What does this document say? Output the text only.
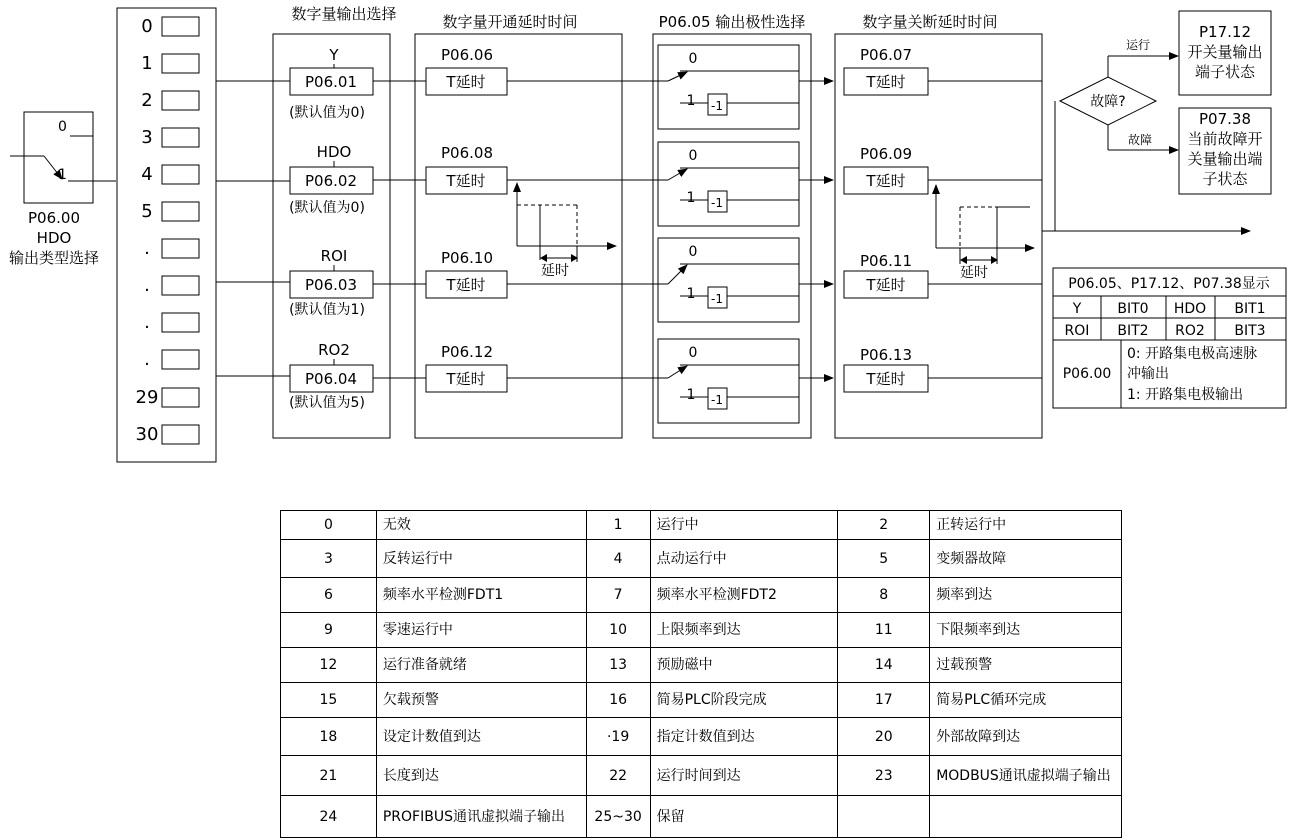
0
1
P06.00
HDO
输出类型选择
0
1
2
3
4
5
.
.
.
.
29
30
数字量输出选择	数字量开通延时时间	P06.05 输出极性选择	数字量关断延时时间
Y
P06.01
(默认值为0)
P06.06
T延时
0
1 -1
P06.07
T延时
HDO
P06.02
(默认值为0)
P06.08
T延时
0
1 -1
P06.09
T延时
ROI
P06.03
(默认值为1)
P06.10
T延时
0
1 -1
P06.11
T延时
RO2
P06.04
(默认值为5)
P06.12
T延时
0
1 -1
P06.13
T延时
延时	延时
故障?
运行
故障
P17.12
开关量输出
端子状态
P07.38
当前故障开
关量输出端
子状态
P06.05、P17.12、P07.38显示
Y	BIT0 HDO BIT1
ROI BIT2 RO2 BIT3
P06.00
0: 开路集电极高速脉
冲输出
1: 开路集电极输出
0	无效	1	运行中	2	正转运行中
3	反转运行中	4	点动运行中	5	变频器故障
6	频率水平检测FDT1	7	频率水平检测FDT2	8	频率到达
9	零速运行中	10	上限频率到达	11	下限频率到达
12	运行准备就绪	13	预励磁中	14	过载预警
15	欠载预警	16	简易PLC阶段完成	17	简易PLC循环完成
18	设定计数值到达	·19	指定计数值到达	20	外部故障到达
21	长度到达	22	运行时间到达	23	MODBUS通讯虚拟端子输出
24	PROFIBUS通讯虚拟端子输出	25~30	保留		
